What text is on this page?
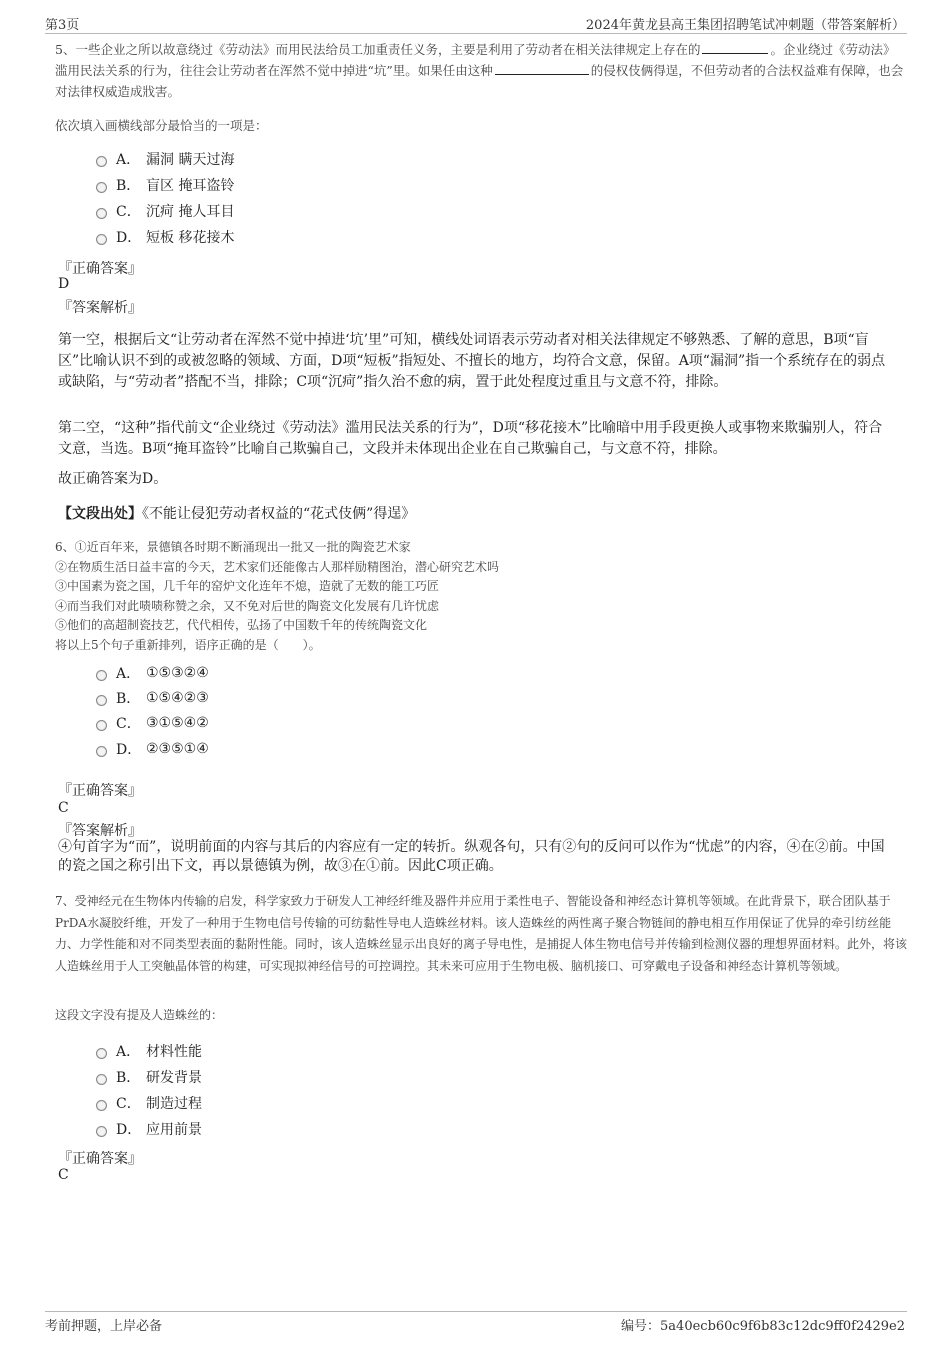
第3页	2024年黄龙县高王集团招聘笔试冲刺题（带答案解析）
5、一些企业之所以故意绕过《劳动法》而用民法给员工加重责任义务，主要是利用了劳动者在相关法律规定上存在的	。企业绕过《劳动法》滥用民法关系的行为，往往会让劳动者在浑然不觉中掉进“坑”里。如果任由这种	的侵权伎俩得逞，不但劳动者的合法权益难有保障，也会对法律权威造成戕害。
依次填入画横线部分最恰当的一项是：
A． 漏洞 瞒天过海
B． 盲区 掩耳盗铃
C． 沉疴 掩人耳目
D． 短板 移花接木
『正确答案』
D
『答案解析』
第一空，根据后文“让劳动者在浑然不觉中掉进‘坑’里”可知，横线处词语表示劳动者对相关法律规定不够熟悉、了解的意思，B项“盲区”比喻认识不到的或被忽略的领域、方面，D项“短板”指短处、不擅长的地方，均符合文意，保留。A项“漏洞”指一个系统存在的弱点或缺陷，与“劳动者”搭配不当，排除；C项“沉疴”指久治不愈的病，置于此处程度过重且与文意不符，排除。
第二空，“这种”指代前文“企业绕过《劳动法》滥用民法关系的行为”，D项“移花接木”比喻暗中用手段更换人或事物来欺骗别人，符合文意，当选。B项“掩耳盗铃”比喻自己欺骗自己，文段并未体现出企业在自己欺骗自己，与文意不符，排除。
故正确答案为D。
【文段出处】《不能让侵犯劳动者权益的“花式伎俩”得逞》
6、①近百年来，景德镇各时期不断涌现出一批又一批的陶瓷艺术家
②在物质生活日益丰富的今天，艺术家们还能像古人那样励精图治，潜心研究艺术吗
③中国素为瓷之国，几千年的窑炉文化连年不熄，造就了无数的能工巧匠
④而当我们对此啧啧称赞之余，又不免对后世的陶瓷文化发展有几许忧虑
⑤他们的高超制瓷技艺，代代相传，弘扬了中国数千年的传统陶瓷文化
将以上5个句子重新排列，语序正确的是（　　）。
A． ①⑤③②④
B． ①⑤④②③
C． ③①⑤④②
D． ②③⑤①④
『正确答案』
C
『答案解析』
④句首字为“而”，说明前面的内容与其后的内容应有一定的转折。纵观各句，只有②句的反问可以作为“忧虑”的内容，④在②前。中国的瓷之国之称引出下文，再以景德镇为例，故③在①前。因此C项正确。
7、受神经元在生物体内传输的启发，科学家致力于研发人工神经纤维及器件并应用于柔性电子、智能设备和神经态计算机等领域。在此背景下，联合团队基于PrDA水凝胶纤维，开发了一种用于生物电信号传输的可纺黏性导电人造蛛丝材料。该人造蛛丝的两性离子聚合物链间的静电相互作用保证了优异的牵引纺丝能力、力学性能和对不同类型表面的黏附性能。同时，该人造蛛丝显示出良好的离子导电性，是捕捉人体生物电信号并传输到检测仪器的理想界面材料。此外，将该人造蛛丝用于人工突触晶体管的构建，可实现拟神经信号的可控调控。其未来可应用于生物电极、脑机接口、可穿戴电子设备和神经态计算机等领域。
这段文字没有提及人造蛛丝的：
A． 材料性能
B． 研发背景
C． 制造过程
D． 应用前景
『正确答案』
C
考前押题，上岸必备	编号：5a40ecb60c9f6b83c12dc9ff0f2429e2
